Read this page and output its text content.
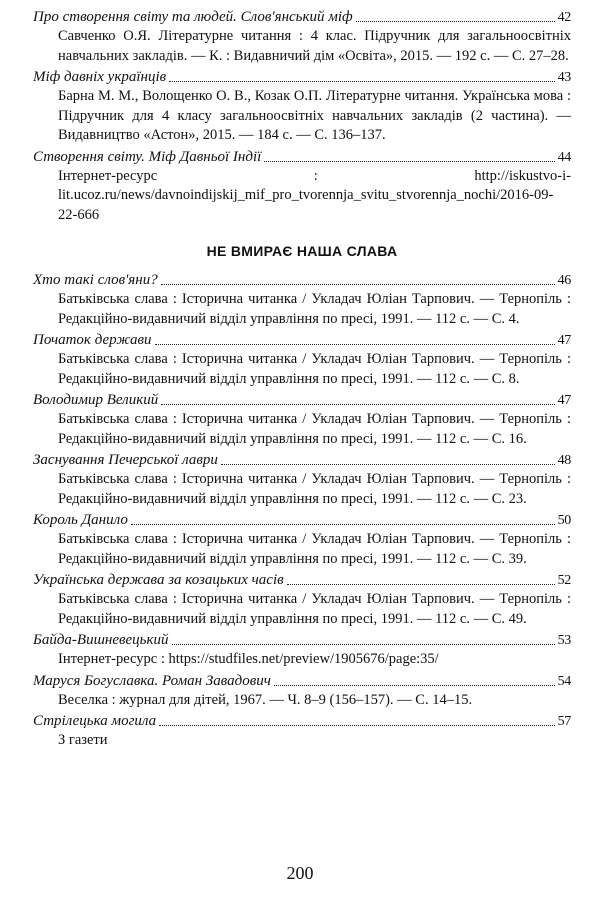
Про створення світу та людей. Слов'янський міф	42
Савченко О.Я. Літературне читання : 4 клас. Підручник для загальноосвітніх навчальних закладів. — К. : Видавничий дім «Освіта», 2015. — 192 с. — С. 27–28.
Міф давніх українців	43
Барна М. М., Волощенко О. В., Козак О.П. Літературне читання. Українська мова : Підручник для 4 класу загальноосвітніх навчальних закладів (2 частина). — Видавництво «Астон», 2015. — 184 с. — С. 136–137.
Створення світу. Міф Давньої Індії	44
Інтернет-ресурс : http://iskustvo-i-lit.ucoz.ru/news/davnoindijskij_mif_pro_tvorennja_svitu_stvorennja_nochi/2016-09-22-666
НЕ ВМИРАЄ НАША СЛАВА
Хто такі слов'яни?	46
Батьківська слава : Історична читанка / Укладач Юліан Тарпович. — Тернопіль : Редакційно-видавничий відділ управління по пресі, 1991. — 112 с. — С. 4.
Початок держави	47
Батьківська слава : Історична читанка / Укладач Юліан Тарпович. — Тернопіль : Редакційно-видавничий відділ управління по пресі, 1991. — 112 с. — С. 8.
Володимир Великий	47
Батьківська слава : Історична читанка / Укладач Юліан Тарпович. — Тернопіль : Редакційно-видавничий відділ управління по пресі, 1991. — 112 с. — С. 16.
Заснування Печерської лаври	48
Батьківська слава : Історична читанка / Укладач Юліан Тарпович. — Тернопіль : Редакційно-видавничий відділ управління по пресі, 1991. — 112 с. — С. 23.
Король Данило	50
Батьківська слава : Історична читанка / Укладач Юліан Тарпович. — Тернопіль : Редакційно-видавничий відділ управління по пресі, 1991. — 112 с. — С. 39.
Українська держава за козацьких часів	52
Батьківська слава : Історична читанка / Укладач Юліан Тарпович. — Тернопіль : Редакційно-видавничий відділ управління по пресі, 1991. — 112 с. — С. 49.
Байда-Вишневецький	53
Інтернет-ресурс : https://studfiles.net/preview/1905676/page:35/
Маруся Богуславка. Роман Завадович	54
Веселка : журнал для дітей, 1967. — Ч. 8–9 (156–157). — С. 14–15.
Стрілецька могила	57
З газети
200
